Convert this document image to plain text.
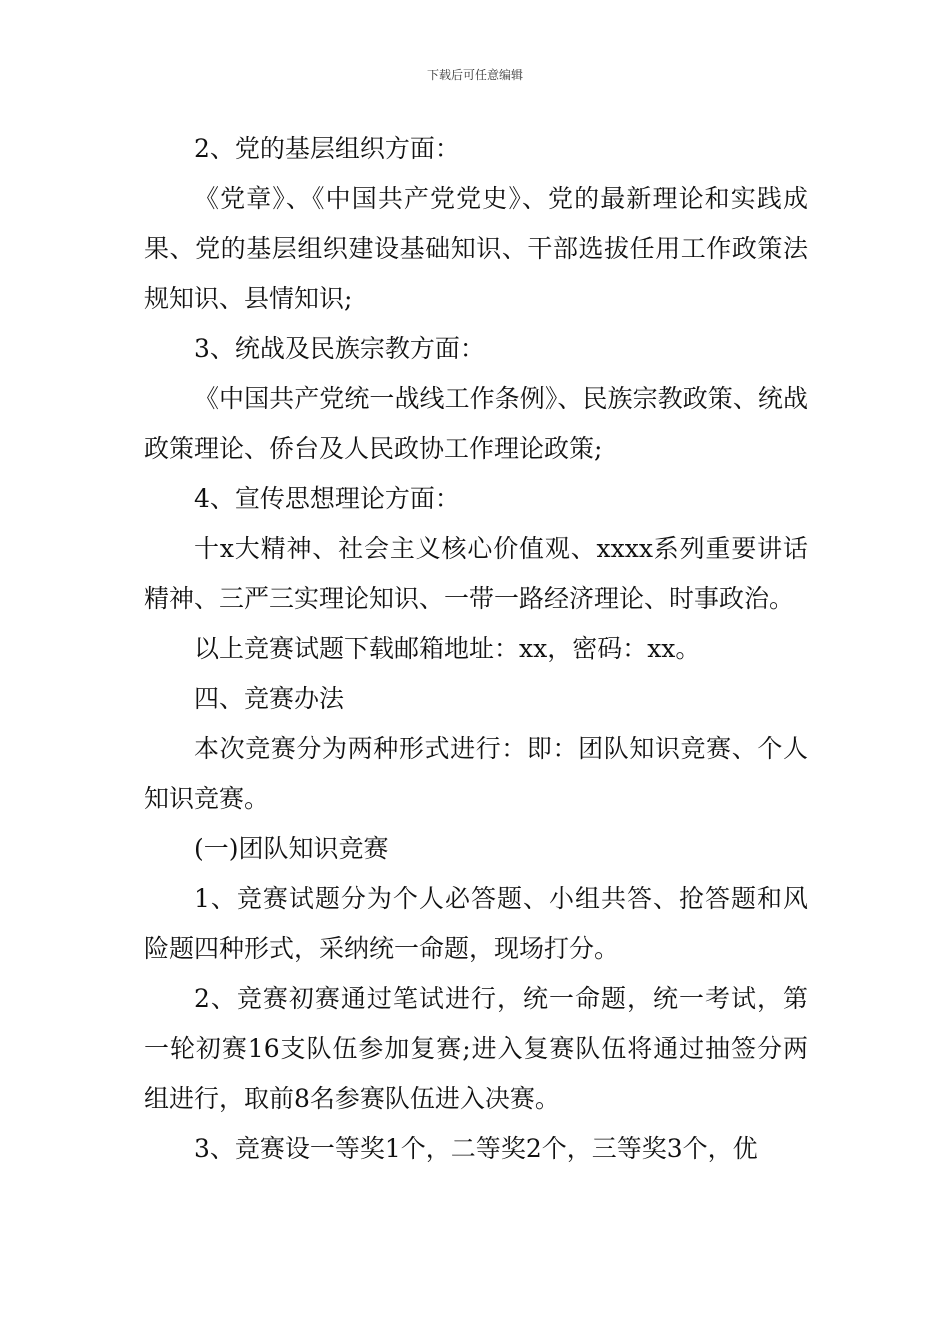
下载后可任意编辑

2、党的基层组织方面：

《党章》、《中国共产党党史》、党的最新理论和实践成果、党的基层组织建设基础知识、干部选拔任用工作政策法规知识、县情知识;

3、统战及民族宗教方面：

《中国共产党统一战线工作条例》、民族宗教政策、统战政策理论、侨台及人民政协工作理论政策;

4、宣传思想理论方面：

十x大精神、社会主义核心价值观、xxxx系列重要讲话精神、三严三实理论知识、一带一路经济理论、时事政治。

以上竞赛试题下载邮箱地址：xx，密码：xx。

四、竞赛办法

本次竞赛分为两种形式进行：即：团队知识竞赛、个人知识竞赛。

(一)团队知识竞赛

1、竞赛试题分为个人必答题、小组共答、抢答题和风险题四种形式，采纳统一命题，现场打分。

2、竞赛初赛通过笔试进行，统一命题，统一考试，第一轮初赛16支队伍参加复赛;进入复赛队伍将通过抽签分两组进行，取前8名参赛队伍进入决赛。

3、竞赛设一等奖1个，二等奖2个，三等奖3个，优
